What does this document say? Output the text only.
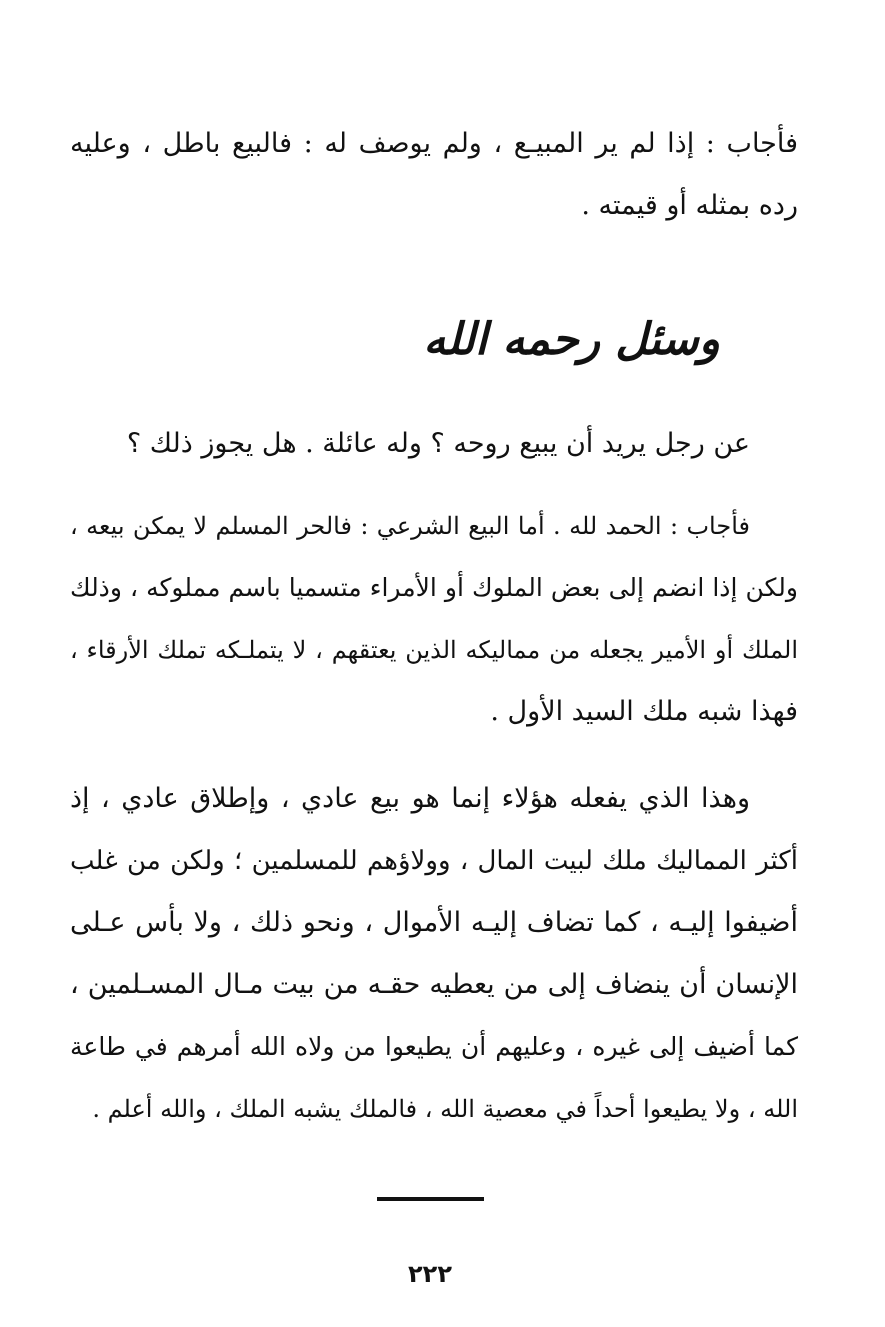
فأجاب : إذا لم ير المبيـع ، ولم يوصف له : فالبيع باطل ، وعليه
رده بمثله أو قيمته .
وسئل رحمه الله
عن رجل يريد أن يبيع روحه ؟ وله عائلة . هل يجوز ذلك ؟
فأجاب : الحمد لله . أما البيع الشرعي : فالحر المسلم لا يمكن بيعه ،
ولكن إذا انضم إلى بعض الملوك أو الأمراء متسميا باسم مملوكه ، وذلك
الملك أو الأمير يجعله من مماليكه الذين يعتقهم ، لا يتملـكه تملك الأرقاء ،
فهذا شبه ملك السيد الأول .
وهذا الذي يفعله هؤلاء إنما هو بيع عادي ، وإطلاق عادي ، إذ
أكثر المماليك ملك لبيت المال ، وولاؤهم للمسلمين ؛ ولكن من غلب
أضيفوا إليـه ، كما تضاف إليـه الأموال ، ونحو ذلك ، ولا بأس عـلى
الإنسان أن ينضاف إلى من يعطيه حقـه من بيت مـال المسـلمين ،
كما أضيف إلى غيره ، وعليهم أن يطيعوا من ولاه الله أمرهم في طاعة
الله ، ولا يطيعوا أحداً في معصية الله ، فالملك يشبه الملك ، والله أعلم .
٢٢٢
